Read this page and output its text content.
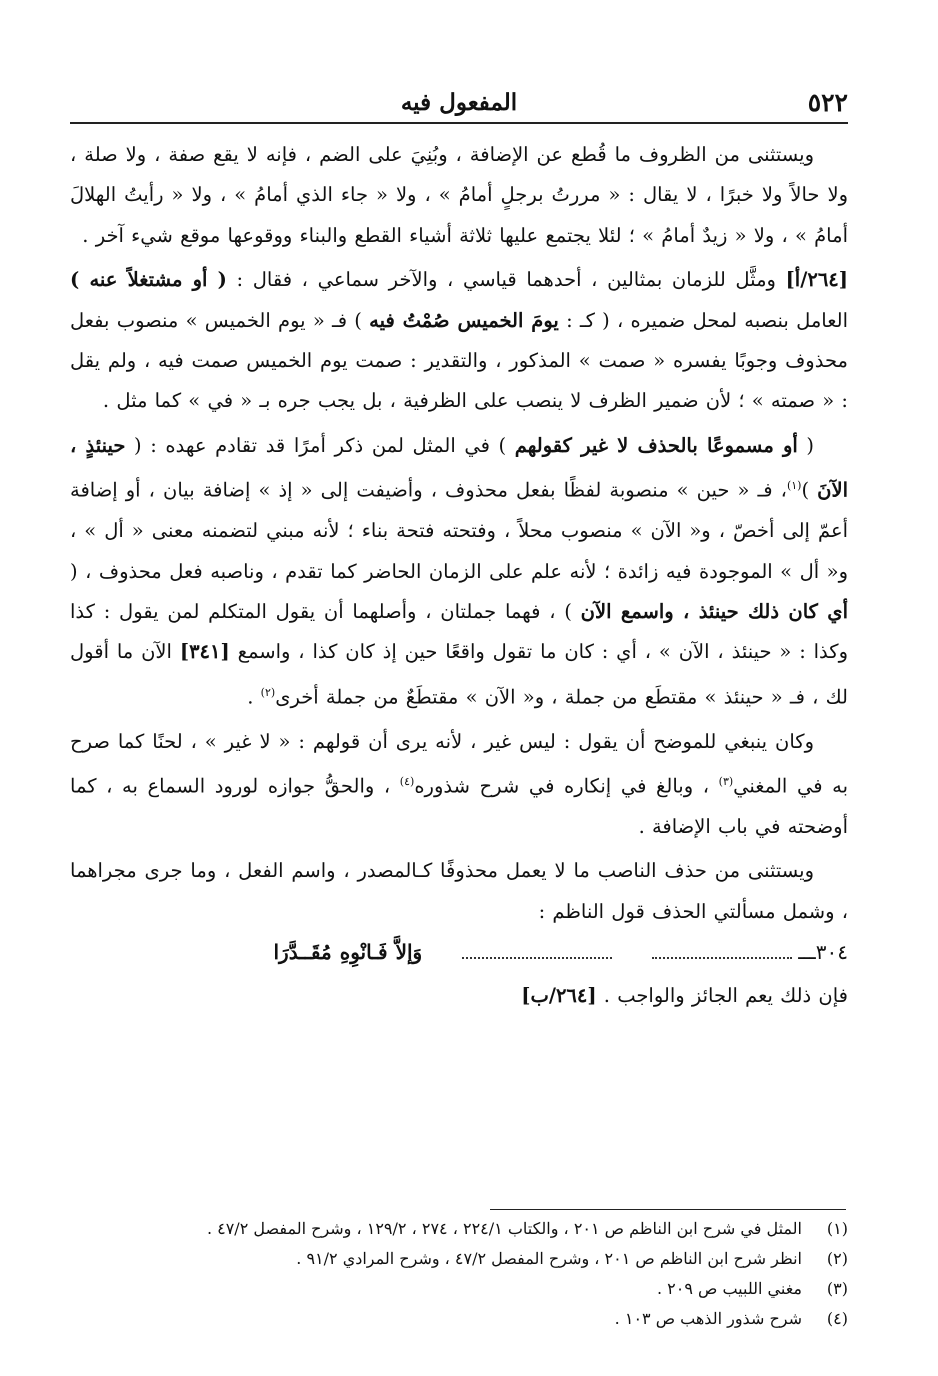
٥٢٢
المفعول فيه

ويستثنى من الظروف ما قُطع عن الإضافة ، وبُنِيَ على الضم ، فإنه لا يقع صفة ، ولا صلة ، ولا حالاً ولا خبرًا ، لا يقال : « مررتُ برجلٍ أمامُ » ، ولا « جاء الذي أمامُ » ، ولا « رأيتُ الهلالَ أمامُ » ، ولا « زيدٌ أمامُ » ؛ لئلا يجتمع عليها ثلاثة أشياء القطع والبناء ووقوعها موقع شيء آخر .

[٢٦٤/أ] ومثَّل للزمان بمثالين ، أحدهما قياسي ، والآخر سماعي ، فقال : ( أو مشتغلاً عنه ) العامل بنصبه لمحل ضميره ، ( كـ : يومَ الخميس صُمْتُ فيه ) فـ « يوم الخميس » منصوب بفعل محذوف وجوبًا يفسره « صمت » المذكور ، والتقدير : صمت يوم الخميس صمت فيه ، ولم يقل : « صمته » ؛ لأن ضمير الظرف لا ينصب على الظرفية ، بل يجب جره بـ « في » كما مثل .

( أو مسموعًا بالحذف لا غير كقولهم ) في المثل لمن ذكر أمرًا قد تقادم عهده : ( حينئذٍ ، الآنَ )$^{(١)}$، فـ « حين » منصوبة لفظًا بفعل محذوف ، وأضيفت إلى « إذ » إضافة بيان ، أو إضافة أعمّ إلى أخصّ ، و« الآن » منصوب محلاً ، وفتحته فتحة بناء ؛ لأنه مبني لتضمنه معنى « أل » ، و« أل » الموجودة فيه زائدة ؛ لأنه علم على الزمان الحاضر كما تقدم ، وناصبه فعل محذوف ، ( أي كان ذلك حينئذ ، واسمع الآن ) ، فهما جملتان ، وأصلهما أن يقول المتكلم لمن يقول : كذا وكذا : « حينئذ ، الآن » ، أي : كان ما تقول واقعًا حين إذ كان كذا ، واسمع [٣٤١] الآن ما أقول لك ، فـ « حينئذ » مقتطَع من جملة ، و« الآن » مقتطَعٌ من جملة أخرى$^{(٢)}$ .

وكان ينبغي للموضح أن يقول : ليس غير ، لأنه يرى أن قولهم : « لا غير » ، لحنًا كما صرح به في المغني$^{(٣)}$ ، وبالغ في إنكاره في شرح شذوره$^{(٤)}$ ، والحقُّ جوازه لورود السماع به ، كما أوضحته في باب الإضافة .

ويستثنى من حذف الناصب ما لا يعمل محذوفًا كـالمصدر ، واسم الفعل ، وما جرى مجراهما ، وشمل مسألتي الحذف قول الناظم :

٣٠٤ـــ
وَإلاَّ فَـانْوِهِ مُقَــدَّرَا

فإن ذلك يعم الجائز والواجب . [٢٦٤/ب]

(١)
المثل في شرح ابن الناظم ص ٢٠١ ، والكتاب ٢٢٤/١ ، ٢٧٤ ، ١٢٩/٢ ، وشرح المفصل ٤٧/٢ .
(٢)
انظر شرح ابن الناظم ص ٢٠١ ، وشرح المفصل ٤٧/٢ ، وشرح المرادي ٩١/٢ .
(٣)
مغني اللبيب ص ٢٠٩ .
(٤)
شرح شذور الذهب ص ١٠٣ .
